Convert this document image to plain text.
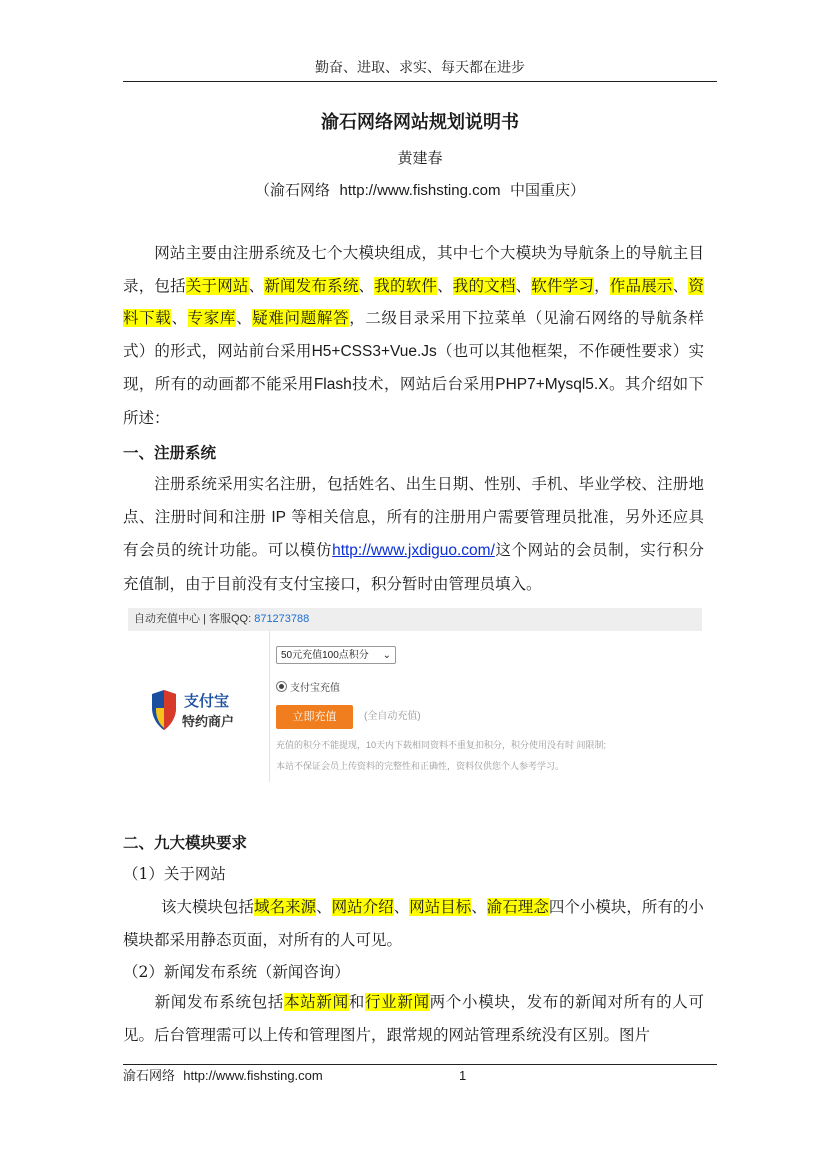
勤奋、进取、求实、每天都在进步
渝石网络网站规划说明书
黄建春
（渝石网络 http://www.fishsting.com 中国重庆）
网站主要由注册系统及七个大模块组成，其中七个大模块为导航条上的导航主目录，包括关于网站、新闻发布系统、我的软件、我的文档、软件学习，作品展示、资料下载、专家库、疑难问题解答，二级目录采用下拉菜单（见渝石网络的导航条样式）的形式，网站前台采用H5+CSS3+Vue.Js（也可以其他框架，不作硬性要求）实现，所有的动画都不能采用Flash技术，网站后台采用PHP7+Mysql5.X。其介绍如下所述：
一、注册系统
注册系统采用实名注册，包括姓名、出生日期、性别、手机、毕业学校、注册地点、注册时间和注册 IP 等相关信息，所有的注册用户需要管理员批准，另外还应具有会员的统计功能。可以模仿http://www.jxdiguo.com/这个网站的会员制，实行积分充值制，由于目前没有支付宝接口，积分暂时由管理员填入。
自动充值中心 | 客服QQ: 871273788
支付宝
特约商户
50元充值100点积分 ⌄
支付宝充值
立即充值	(全自动充值)
充值的积分不能提现，10天内下载相同资料不重复扣积分，积分使用没有时 间限制;
本站不保证会员上传资料的完整性和正确性，资料仅供您个人参考学习。
二、九大模块要求
（1）关于网站
该大模块包括域名来源、网站介绍、网站目标、渝石理念四个小模块，所有的小模块都采用静态页面，对所有的人可见。
（2）新闻发布系统（新闻咨询）
新闻发布系统包括本站新闻和行业新闻两个小模块，发布的新闻对所有的人可见。后台管理需可以上传和管理图片，跟常规的网站管理系统没有区别。图片
渝石网络 http://www.fishsting.com	1
